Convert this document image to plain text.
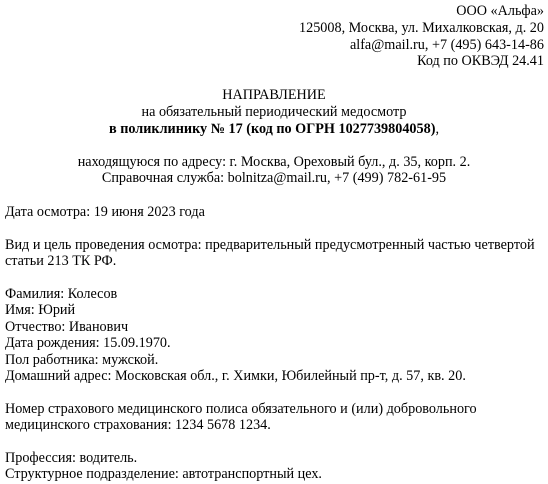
ООО «Альфа»
125008, Москва, ул. Михалковская, д. 20
alfa@mail.ru, +7 (495) 643-14-86
Код по ОКВЭД 24.41
НАПРАВЛЕНИЕ
на обязательный периодический медосмотр
в поликлинику № 17 (код по ОГРН 1027739804058),
находящуюся по адресу: г. Москва, Ореховый бул., д. 35, корп. 2.
Справочная служба: bolnitza@mail.ru, +7 (499) 782-61-95
Дата осмотра: 19 июня 2023 года
Вид и цель проведения осмотра: предварительный предусмотренный частью четвертой
статьи 213 ТК РФ.
Фамилия: Колесов
Имя: Юрий
Отчество: Иванович
Дата рождения: 15.09.1970.
Пол работника: мужской.
Домашний адрес: Московская обл., г. Химки, Юбилейный пр-т, д. 57, кв. 20.
Номер страхового медицинского полиса обязательного и (или) добровольного
медицинского страхования: 1234 5678 1234.
Профессия: водитель.
Структурное подразделение: автотранспортный цех.
